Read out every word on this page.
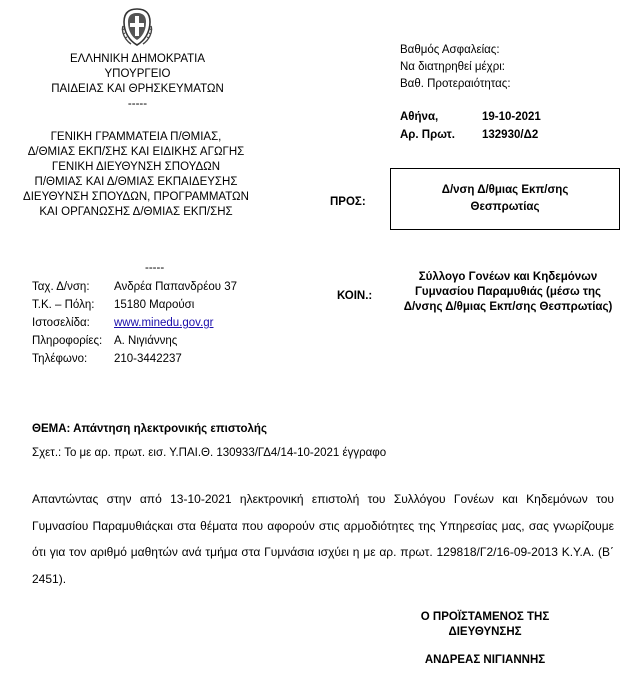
ΕΛΛΗΝΙΚΗ ΔΗΜΟΚΡΑΤΙΑ
ΥΠΟΥΡΓΕΙΟ
ΠΑΙΔΕΙΑΣ ΚΑΙ ΘΡΗΣΚΕΥΜΑΤΩΝ
-----
ΓΕΝΙΚΗ ΓΡΑΜΜΑΤΕΙΑ Π/ΘΜΙΑΣ,
Δ/ΘΜΙΑΣ ΕΚΠ/ΣΗΣ ΚΑΙ ΕΙΔΙΚΗΣ ΑΓΩΓΗΣ
ΓΕΝΙΚΗ ΔΙΕΥΘΥΝΣΗ ΣΠΟΥΔΩΝ
Π/ΘΜΙΑΣ ΚΑΙ Δ/ΘΜΙΑΣ ΕΚΠΑΙΔΕΥΣΗΣ
ΔΙΕΥΘΥΝΣΗ ΣΠΟΥΔΩΝ, ΠΡΟΓΡΑΜΜΑΤΩΝ
ΚΑΙ ΟΡΓΑΝΩΣΗΣ Δ/ΘΜΙΑΣ ΕΚΠ/ΣΗΣ
Βαθμός Ασφαλείας:
Να διατηρηθεί μέχρι:
Βαθ. Προτεραιότητας:
Αθήνα,	19-10-2021
Αρ. Πρωτ.	132930/Δ2
ΠΡΟΣ:
Δ/νση Δ/θμιας Εκπ/σης
Θεσπρωτίας
-----
Ταχ. Δ/νση:	Ανδρέα Παπανδρέου 37
Τ.Κ. – Πόλη:	15180 Μαρούσι
Ιστοσελίδα:	www.minedu.gov.gr
Πληροφορίες:	Α. Νιγιάννης
Τηλέφωνο:	210-3442237
ΚΟΙΝ.:
Σύλλογο Γονέων και Κηδεμόνων
Γυμνασίου Παραμυθιάς (μέσω της
Δ/νσης Δ/θμιας Εκπ/σης Θεσπρωτίας)
ΘΕΜΑ: Απάντηση ηλεκτρονικής επιστολής
Σχετ.: Το με αρ. πρωτ. εισ. Υ.ΠΑΙ.Θ. 130933/ΓΔ4/14-10-2021 έγγραφο
Απαντώντας στην από 13-10-2021 ηλεκτρονική επιστολή του Συλλόγου Γονέων και Κηδεμόνων του Γυμνασίου Παραμυθιάςκαι στα θέματα που αφορούν στις αρμοδιότητες της Υπηρεσίας μας, σας γνωρίζουμε ότι για τον αριθμό μαθητών ανά τμήμα στα Γυμνάσια ισχύει η με αρ. πρωτ. 129818/Γ2/16-09-2013 Κ.Υ.Α. (Β΄ 2451).
Ο ΠΡΟΪΣΤΑΜΕΝΟΣ ΤΗΣ
ΔΙΕΥΘΥΝΣΗΣ
ΑΝΔΡΕΑΣ ΝΙΓΙΑΝΝΗΣ
